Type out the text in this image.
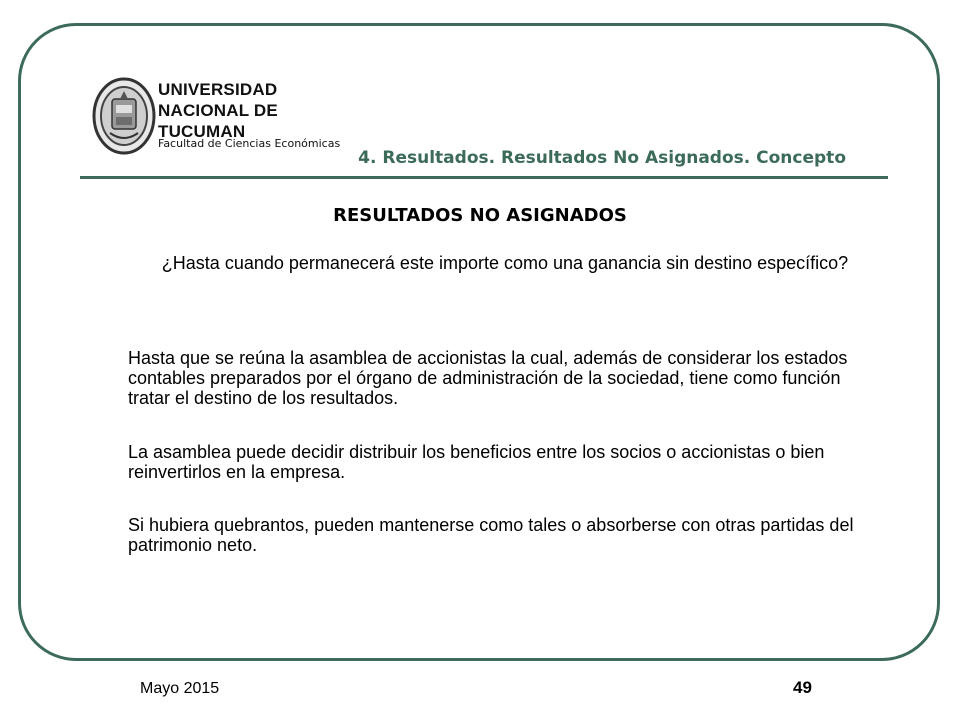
UNIVERSIDAD
NACIONAL DE
TUCUMAN
Facultad de Ciencias Económicas
4. Resultados. Resultados No Asignados. Concepto
RESULTADOS NO ASIGNADOS
¿Hasta cuando permanecerá este importe como una ganancia sin destino específico?
Hasta que se reúna la asamblea de accionistas la cual, además de considerar los estados contables preparados por el órgano de administración de la sociedad, tiene como función tratar el destino de los resultados.
La asamblea puede decidir distribuir los beneficios entre los socios o accionistas o bien reinvertirlos en la empresa.
Si hubiera quebrantos, pueden mantenerse como tales o absorberse con otras partidas del patrimonio neto.
Mayo 2015	49
